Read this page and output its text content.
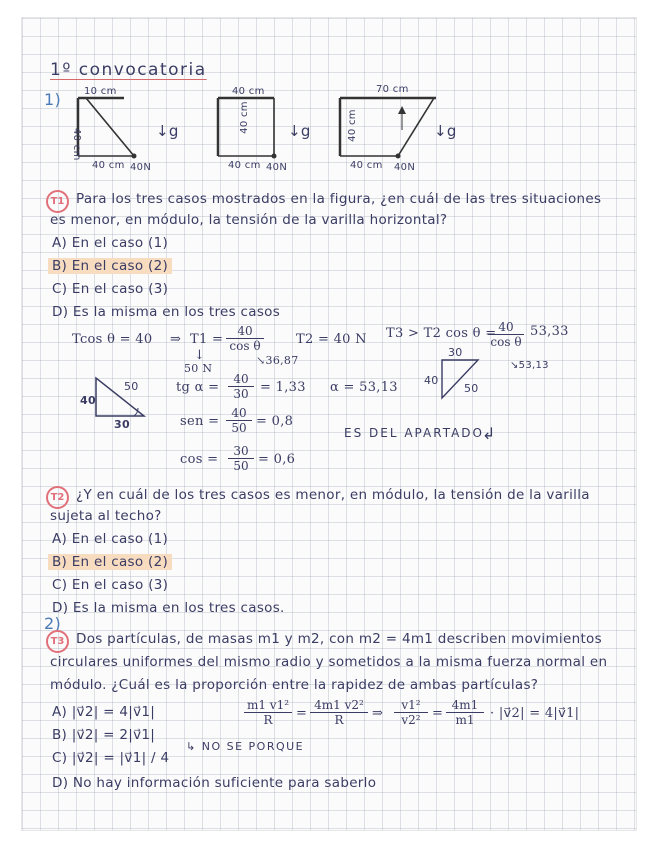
1º convocatoria
1) 10 cm
40 cm
40 cm 40N
↓g
40 cm
40 cm
40 cm 40N
↓g
70 cm
40 cm
40 cm 40N
↓g
T1 Para los tres casos mostrados en la figura, ¿en cuál de las tres situaciones
es menor, en módulo, la tensión de la varilla horizontal?
A) En el caso (1)
B) En el caso (2)
C) En el caso (3)
D) Es la misma en los tres casos
Tcos θ = 40 ⇒ $T1 = \frac{40}{\text{cos θ}} T2 = 40$ N T3 > T2 cos θ =
$\frac{40}{\text{cos θ}} 53,33$
↓
50 N
↘36,87
50
40
30
tg $\alpha = \frac{40}{30} = 1,33$ α = 53,13
sen = $\frac{40}{50} = 0,8$
ES DEL APARTADO
↲
$\cos = \frac{30}{50} = 0,6$
30
40
50
↘53,13
T2 ¿Y en cuál de los tres casos es menor, en módulo, la tensión de la varilla
sujeta al techo?
A) En el caso (1)
B) En el caso (2)
C) En el caso (3)
D) Es la misma en los tres casos.
2)
T3 Dos partículas, de masas m1 y m2, con m2 = 4m1 describen movimientos
circulares uniformes del mismo radio y sometidos a la misma fuerza normal en
módulo. ¿Cuál es la proporción entre la rapidez de ambas partículas?
A) |v⃗2| = 4|v⃗1|
B) |v⃗2| = 2|v⃗1|
C) |v⃗2| = |v⃗1| / 4
D) No hay información suficiente para saberlo
↳ NO SE PORQUE
$\frac{\text{m1 v1²}}{R} = \frac{\text{4m1 v2²}}{R}$ ⇒ $\frac{\text{v1²}}{\text{v2²}} = \frac{4m1}{m1}$ · |v⃗2| = 4|v⃗1|
